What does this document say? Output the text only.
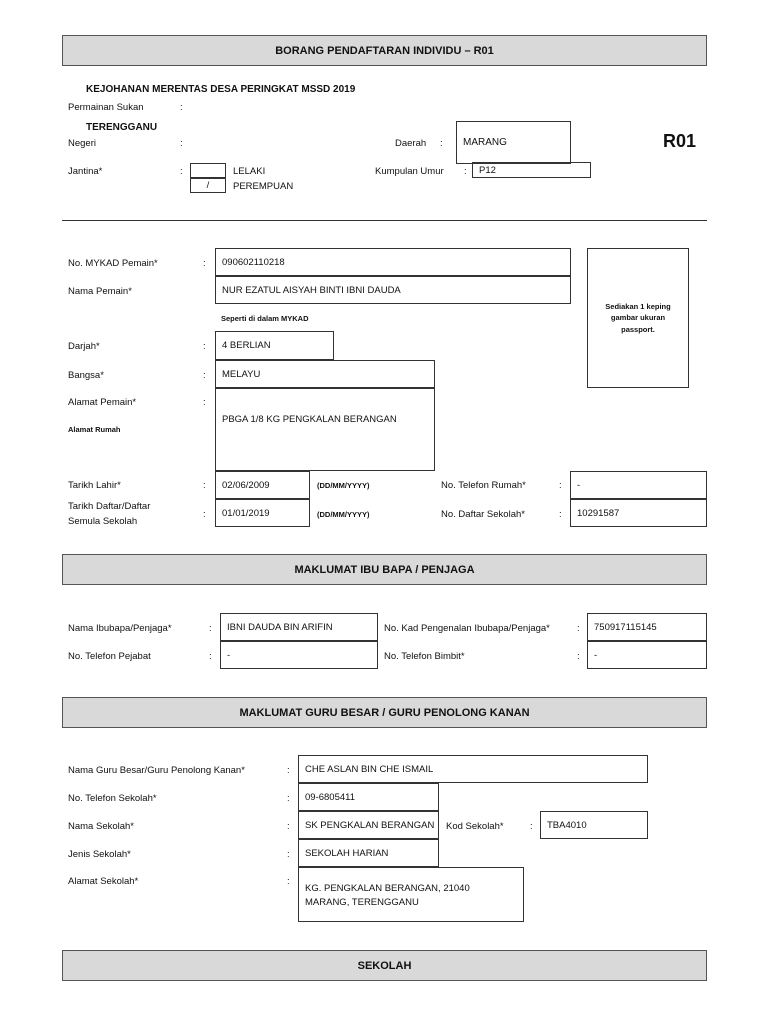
BORANG PENDAFTARAN INDIVIDU – R01
KEJOHANAN MERENTAS DESA PERINGKAT MSSD 2019
Permainan Sukan	:
TERENGGANU
Negeri	:	Daerah :	MARANG	R01
Jantina*	:	LELAKI
/	PEREMPUAN
Kumpulan Umur :	P12
No. MYKAD Pemain*	:	090602110218
Nama Pemain*	NUR EZATUL AISYAH BINTI IBNI DAUDA
Seperti di dalam MYKAD
Sediakan 1 keping gambar ukuran passport.
Darjah*	:	4 BERLIAN
Bangsa*	:	MELAYU
Alamat Pemain*	:
Alamat Rumah
PBGA 1/8 KG PENGKALAN BERANGAN
Tarikh Lahir*	:	02/06/2009	(DD/MM/YYYY)	No. Telefon Rumah*	:	-
Tarikh Daftar/Daftar
Semula Sekolah
:	01/01/2019	(DD/MM/YYYY)	No. Daftar Sekolah*	:	10291587
MAKLUMAT IBU BAPA / PENJAGA
Nama Ibubapa/Penjaga*	:	IBNI DAUDA BIN ARIFIN	No. Kad Pengenalan Ibubapa/Penjaga*	:	750917115145
No. Telefon Pejabat	:	-	No. Telefon Bimbit*	:	-
MAKLUMAT GURU BESAR / GURU PENOLONG KANAN
Nama Guru Besar/Guru Penolong Kanan*	:	CHE ASLAN BIN CHE ISMAIL
No. Telefon Sekolah*	:	09-6805411
Nama Sekolah*	:	SK PENGKALAN BERANGAN	Kod Sekolah*	:	TBA4010
Jenis Sekolah*	:	SEKOLAH HARIAN
Alamat Sekolah*	:
KG. PENGKALAN BERANGAN, 21040
MARANG, TERENGGANU
SEKOLAH
